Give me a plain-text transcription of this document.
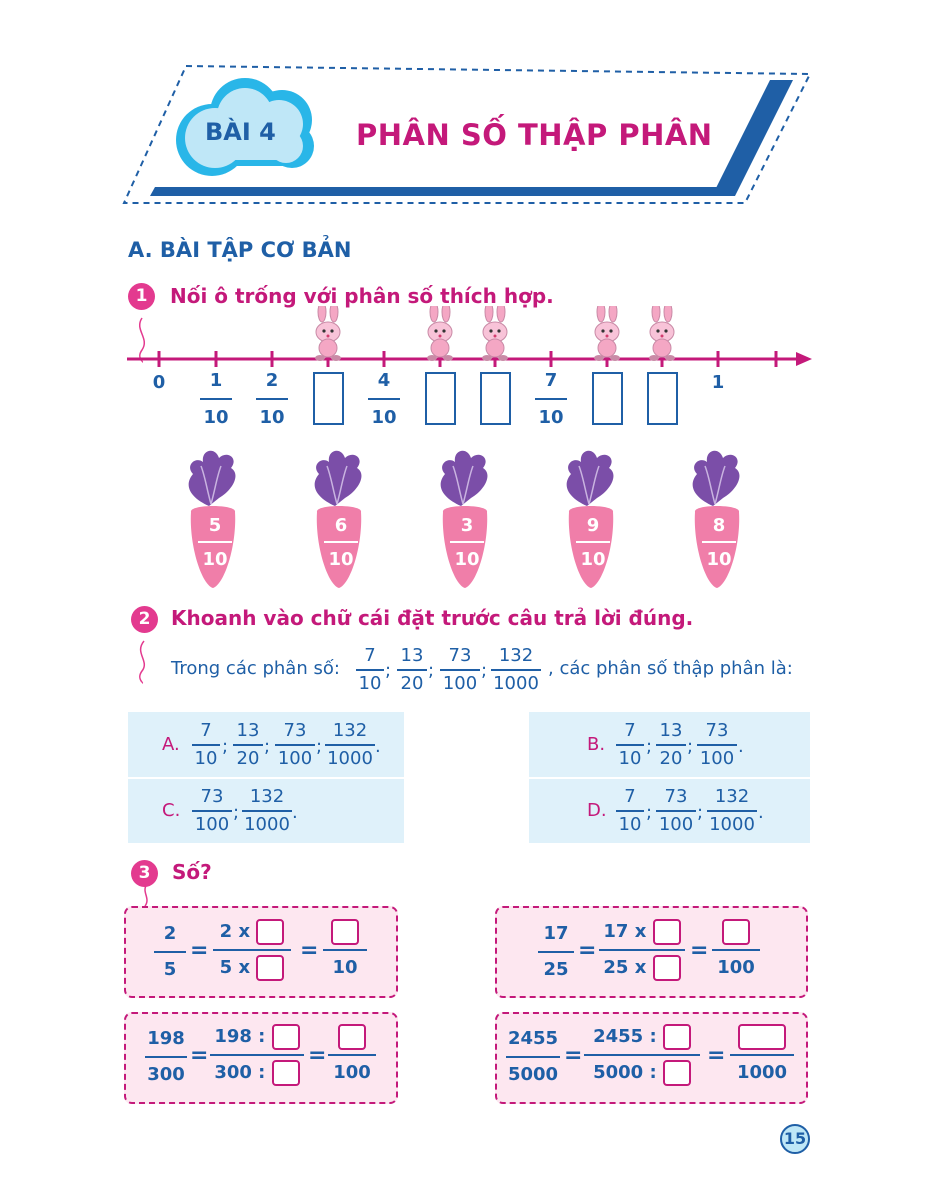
BÀI 4	PHÂN SỐ THẬP PHÂN
A. BÀI TẬP CƠ BẢN
1	Nối ô trống với phân số thích hợp.
0	1
1
10
2
10
4
10
7
10
5
10
6
10
3
10
9
10
8
10
2	Khoanh vào chữ cái đặt trước câu trả lời đúng.
Trong các phân số:
7
10
;
13
20
;
73
100
;
132
1000
, các phân số thập phân là:
A.
7
10
;
13
20
;
73
100
;
132
1000
.	B.
7
10
;
13
20
;
73
100
.
C.
73
100
;
132
1000
.	D.
7
10
;
73
100
;
132
1000
.
3	Số?
2
5
=
2 x
5 x
=
10
17
25
=
17 x
25 x
=
100
198
300
=
198 :
300 :
=
100
2455
5000
=
2455 :
5000 :
=
1000
15
